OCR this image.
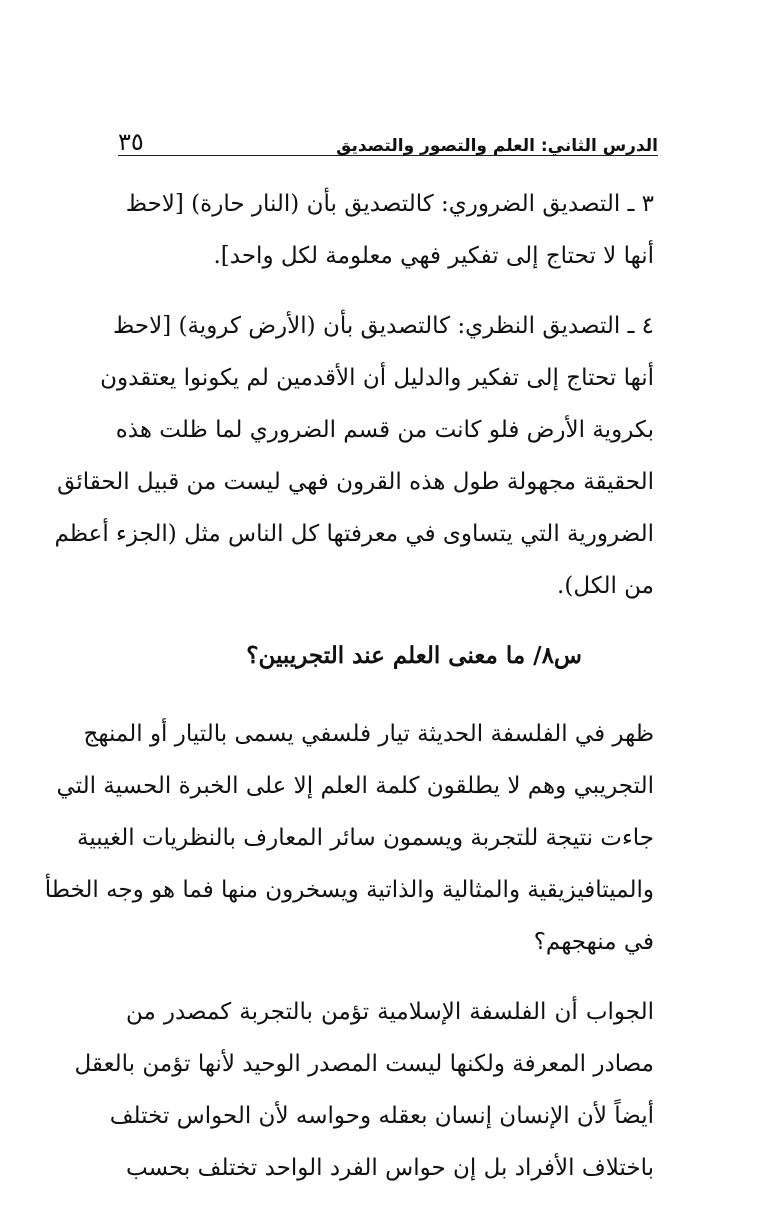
الدرس الثاني: العلم والتصور والتصديق
٣٥
٣ ـ التصديق الضروري: كالتصديق بأن (النار حارة) [لاحظ
أنها لا تحتاج إلى تفكير فهي معلومة لكل واحد].
٤ ـ التصديق النظري: كالتصديق بأن (الأرض كروية) [لاحظ
أنها تحتاج إلى تفكير والدليل أن الأقدمين لم يكونوا يعتقدون
بكروية الأرض فلو كانت من قسم الضروري لما ظلت هذه
الحقيقة مجهولة طول هذه القرون فهي ليست من قبيل الحقائق
الضرورية التي يتساوى في معرفتها كل الناس مثل (الجزء أعظم
من الكل).
س٨/ ما معنى العلم عند التجريبين؟
ظهر في الفلسفة الحديثة تيار فلسفي يسمى بالتيار أو المنهج
التجريبي وهم لا يطلقون كلمة العلم إلا على الخبرة الحسية التي
جاءت نتيجة للتجربة ويسمون سائر المعارف بالنظريات الغيبية
والميتافيزيقية والمثالية والذاتية ويسخرون منها فما هو وجه الخطأ
في منهجهم؟
الجواب أن الفلسفة الإسلامية تؤمن بالتجربة كمصدر من
مصادر المعرفة ولكنها ليست المصدر الوحيد لأنها تؤمن بالعقل
أيضاً لأن الإنسان إنسان بعقله وحواسه لأن الحواس تختلف
باختلاف الأفراد بل إن حواس الفرد الواحد تختلف بحسب
